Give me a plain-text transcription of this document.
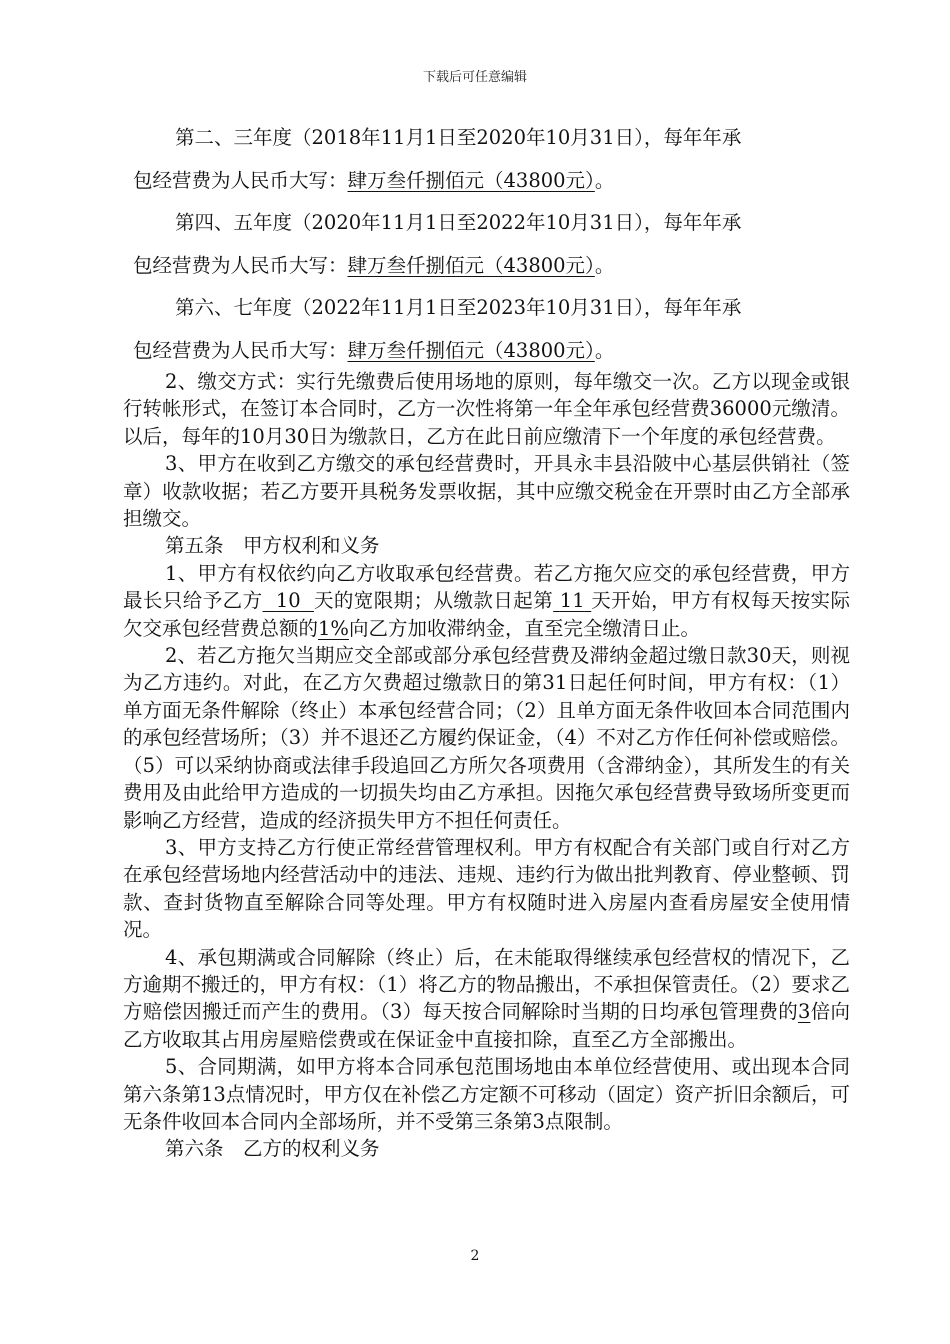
下载后可任意编辑
第二、三年度（2018年11月1日至2020年10月31日），每年年承
包经营费为人民币大写：肆万叁仟捌佰元（43800元）。
第四、五年度（2020年11月1日至2022年10月31日），每年年承
包经营费为人民币大写：肆万叁仟捌佰元（43800元）。
第六、七年度（2022年11月1日至2023年10月31日），每年年承
包经营费为人民币大写：肆万叁仟捌佰元（43800元）。

2、缴交方式：实行先缴费后使用场地的原则，每年缴交一次。乙方以现金或银行转帐形式，在签订本合同时，乙方一次性将第一年全年承包经营费36000元缴清。以后，每年的10月30日为缴款日，乙方在此日前应缴清下一个年度的承包经营费。

3、甲方在收到乙方缴交的承包经营费时，开具永丰县沿陂中心基层供销社（签章）收款收据；若乙方要开具税务发票收据，其中应缴交税金在开票时由乙方全部承担缴交。

第五条　甲方权利和义务

1、甲方有权依约向乙方收取承包经营费。若乙方拖欠应交的承包经营费，甲方最长只给予乙方 10 天的宽限期；从缴款日起第 11 天开始，甲方有权每天按实际欠交承包经营费总额的1%向乙方加收滞纳金，直至完全缴清日止。

2、若乙方拖欠当期应交全部或部分承包经营费及滞纳金超过缴日款30天，则视为乙方违约。对此，在乙方欠费超过缴款日的第31日起任何时间，甲方有权：（1）单方面无条件解除（终止）本承包经营合同；（2）且单方面无条件收回本合同范围内的承包经营场所；（3）并不退还乙方履约保证金，（4）不对乙方作任何补偿或赔偿。（5）可以采纳协商或法律手段追回乙方所欠各项费用（含滞纳金），其所发生的有关费用及由此给甲方造成的一切损失均由乙方承担。因拖欠承包经营费导致场所变更而影响乙方经营，造成的经济损失甲方不担任何责任。

3、甲方支持乙方行使正常经营管理权利。甲方有权配合有关部门或自行对乙方在承包经营场地内经营活动中的违法、违规、违约行为做出批判教育、停业整顿、罚款、查封货物直至解除合同等处理。甲方有权随时进入房屋内查看房屋安全使用情况。

4、承包期满或合同解除（终止）后，在未能取得继续承包经营权的情况下，乙方逾期不搬迁的，甲方有权：（1）将乙方的物品搬出，不承担保管责任。（2）要求乙方赔偿因搬迁而产生的费用。（3）每天按合同解除时当期的日均承包管理费的3倍向乙方收取其占用房屋赔偿费或在保证金中直接扣除，直至乙方全部搬出。

5、合同期满，如甲方将本合同承包范围场地由本单位经营使用、或出现本合同第六条第13点情况时，甲方仅在补偿乙方定额不可移动（固定）资产折旧余额后，可无条件收回本合同内全部场所，并不受第三条第3点限制。

第六条　乙方的权利义务

2
